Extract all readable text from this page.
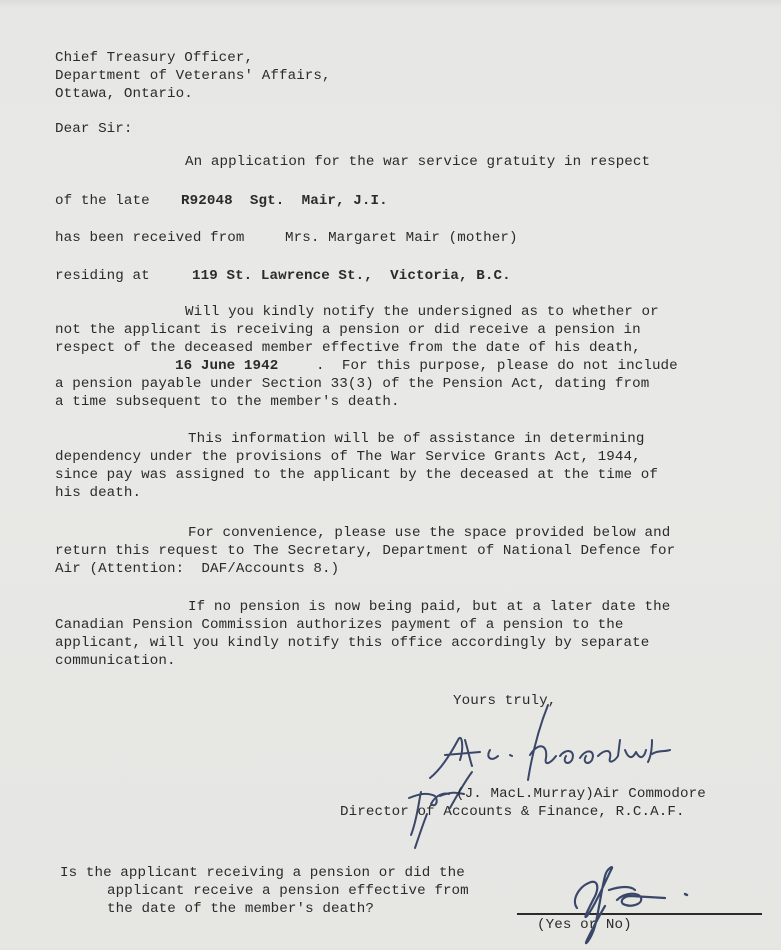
Chief Treasury Officer,
Department of Veterans' Affairs,
Ottawa, Ontario.
Dear Sir:
An application for the war service gratuity in respect
of the late R92048  Sgt.  Mair, J.I.
has been received from	Mrs. Margaret Mair (mother)
residing at	119 St. Lawrence St.,  Victoria, B.C.
Will you kindly notify the undersigned as to whether or
not the applicant is receiving a pension or did receive a pension in
respect of the deceased member effective from the date of his death,
16 June 1942	.  For this purpose, please do not include
a pension payable under Section 33(3) of the Pension Act, dating from
a time subsequent to the member's death.
This information will be of assistance in determining
dependency under the provisions of The War Service Grants Act, 1944,
since pay was assigned to the applicant by the deceased at the time of
his death.
For convenience, please use the space provided below and
return this request to The Secretary, Department of National Defence for
Air (Attention:  DAF/Accounts 8.)
If no pension is now being paid, but at a later date the
Canadian Pension Commission authorizes payment of a pension to the
applicant, will you kindly notify this office accordingly by separate
communication.
Yours truly,
(J. MacL.Murray)Air Commodore
Director of Accounts & Finance, R.C.A.F.
Is the applicant receiving a pension or did the
applicant receive a pension effective from
the date of the member's death?
(Yes or No)
